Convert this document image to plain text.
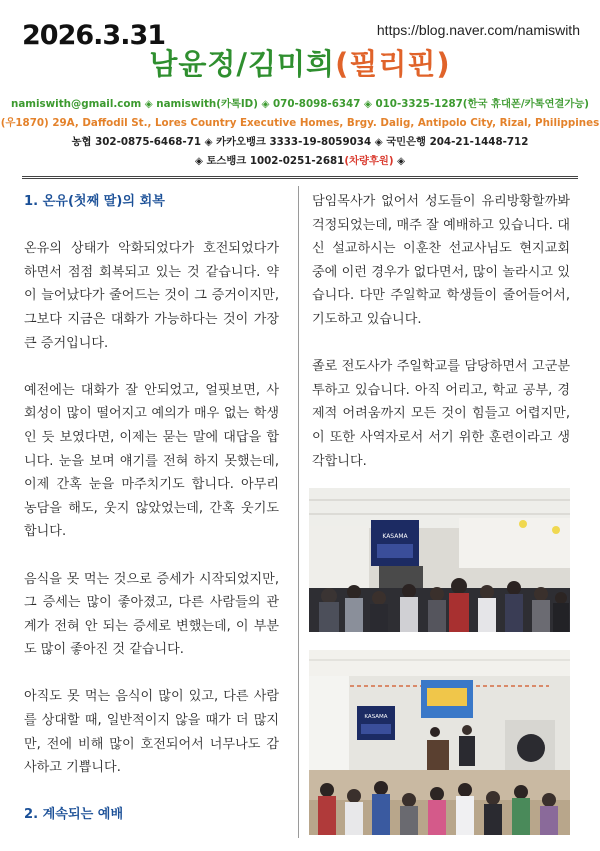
2026.3.31	https://blog.naver.com/namiswith
남윤정/김미희(필리핀)
namiswith@gmail.com ◈ namiswith(카톡ID) ◈ 070-8098-6347 ◈ 010-3325-1287(한국 휴대폰/카톡연결가능)
(우1870) 29A, Daffodil St., Lores Country Executive Homes, Brgy. Dalig, Antipolo City, Rizal, Philippines
농협 302-0875-6468-71 ◈ 카카오뱅크 3333-19-8059034 ◈ 국민은행 204-21-1448-712
◈ 토스뱅크 1002-0251-2681(차량후원) ◈
1. 온유(첫째 딸)의 회복

온유의 상태가 악화되었다가 호전되었다가 하면서 점점 회복되고 있는 것 같습니다. 약이 늘어났다가 줄어드는 것이 그 증거이지만, 그보다 지금은 대화가 가능하다는 것이 가장 큰 증거입니다.

예전에는 대화가 잘 안되었고, 얼핏보면, 사회성이 많이 떨어지고 예의가 매우 없는 학생인 듯 보였다면, 이제는 묻는 말에 대답을 합니다. 눈을 보며 얘기를 전혀 하지 못했는데, 이제 간혹 눈을 마주치기도 합니다. 아무리 농담을 해도, 웃지 않았었는데, 간혹 웃기도 합니다.

음식을 못 먹는 것으로 증세가 시작되었지만, 그 증세는 많이 좋아졌고, 다른 사람들의 관계가 전혀 안 되는 증세로 변했는데, 이 부분도 많이 좋아진 것 같습니다.

아직도 못 먹는 음식이 많이 있고, 다른 사람를 상대할 때, 일반적이지 않을 때가 더 많지만, 전에 비해 많이 호전되어서 너무나도 감사하고 기쁩니다.

2. 계속되는 예배

담임목사가 없어서 성도들이 유리방황할까봐 걱정되었는데, 매주 잘 예배하고 있습니다. 대신 설교하시는 이훈찬 선교사님도 현지교회 중에 이런 경우가 없다면서, 많이 놀라시고 있습니다. 다만 주일학교 학생들이 줄어들어서, 기도하고 있습니다.

졸로 전도사가 주일학교를 담당하면서 고군분투하고 있습니다. 아직 어리고, 학교 공부, 경제적 어려움까지 모든 것이 힘들고 어렵지만, 이 또한 사역자로서 서기 위한 훈련이라고 생각합니다.

KASAMA
KASAMA
